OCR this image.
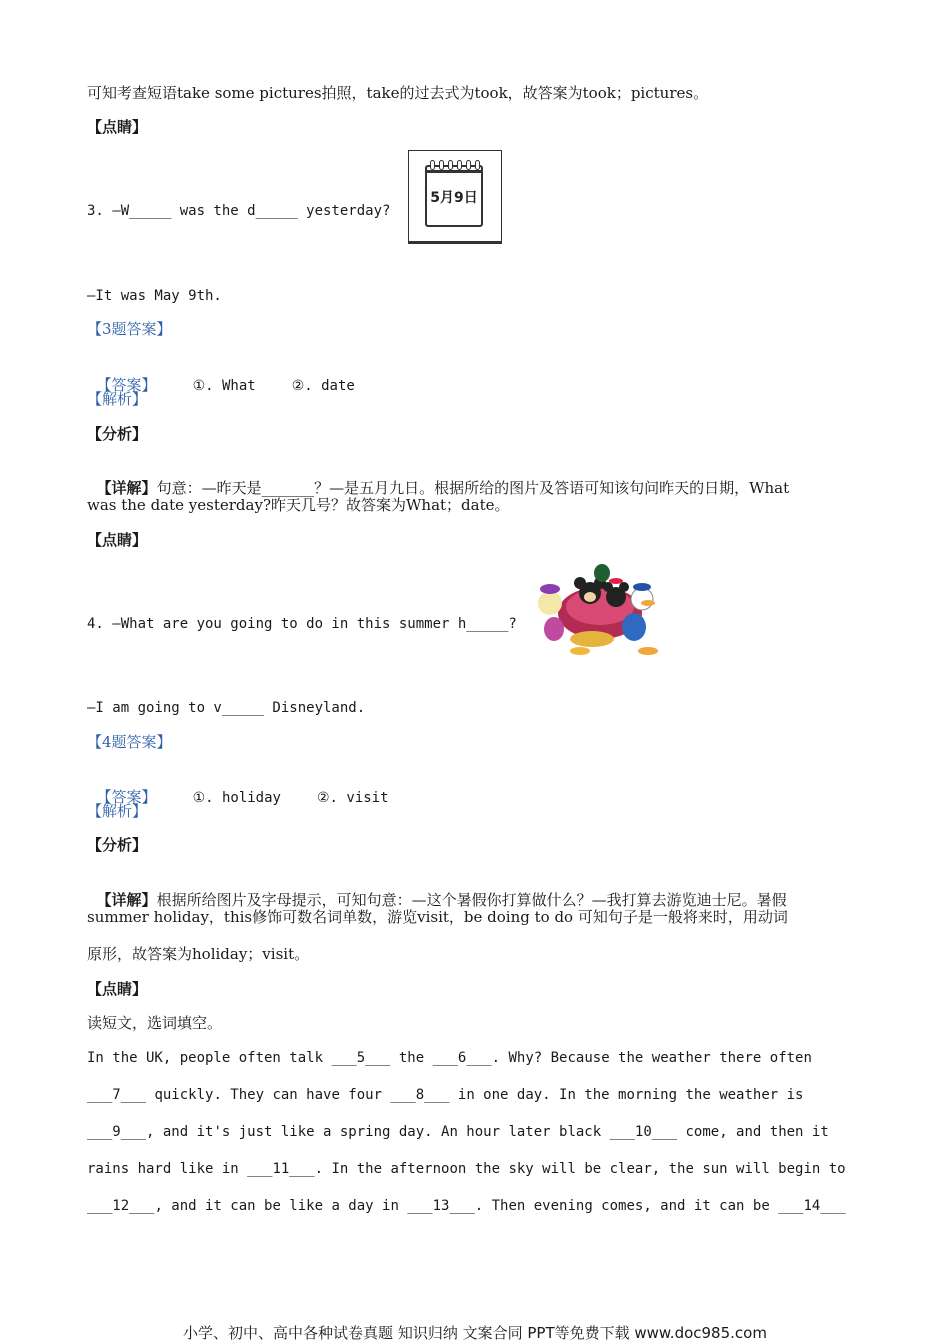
可知考查短语take some pictures拍照，take的过去式为took，故答案为took；pictures。
【点睛】
3. —W_____ was the d_____ yesterday?
5月9日
—It was May 9th.
【3题答案】

【答案】	①. What	②. date

【解析】
【分析】

【详解】句意：—昨天是_______？—是五月九日。根据所给的图片及答语可知该句问昨天的日期，What

was the date yesterday?昨天几号？故答案为What；date。
【点睛】
4. —What are you going to do in this summer h_____?
—I am going to v_____ Disneyland.
【4题答案】

【答案】	①. holiday	②. visit

【解析】
【分析】

【详解】根据所给图片及字母提示，可知句意：—这个暑假你打算做什么？—我打算去游览迪士尼。暑假

summer holiday，this修饰可数名词单数，游览visit，be doing to do 可知句子是一般将来时，用动词
原形，故答案为holiday；visit。
【点睛】
读短文，选词填空。
In the UK, people often talk ___5___ the ___6___. Why? Because the weather there often
___7___ quickly. They can have four ___8___ in one day. In the morning the weather is
___9___, and it's just like a spring day. An hour later black ___10___ come, and then it
rains hard like in ___11___. In the afternoon the sky will be clear, the sun will begin to
___12___, and it can be like a day in ___13___. Then evening comes, and it can be ___14___
小学、初中、高中各种试卷真题 知识归纳 文案合同 PPT等免费下载 www.doc985.com
